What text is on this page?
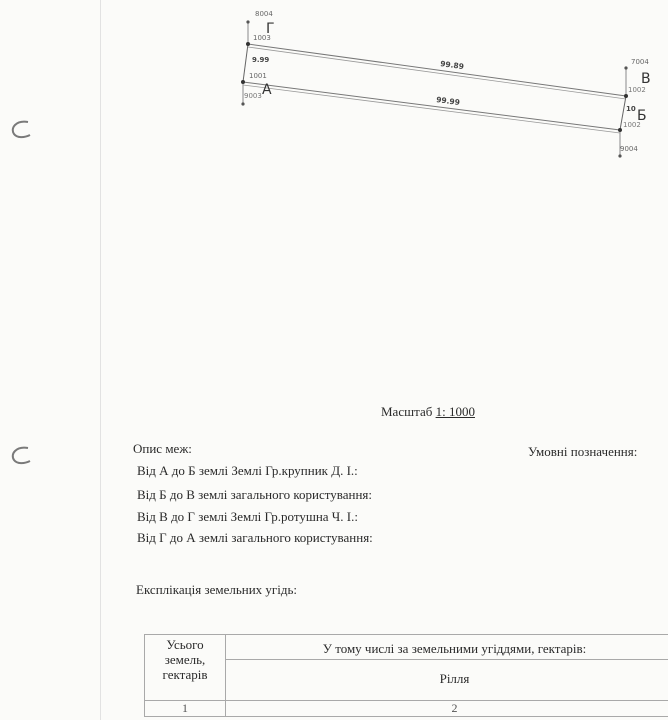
8004
1003
1001
9003
7004
1002
1002
9004
Г
А
В
Б
9.99	99.89
99.99
10
Масштаб 1: 1000
Опис меж:	Умовні позначення:
Від А до Б землі Землі Гр.крупник Д. І.:
Від Б до В землі загального користування:
Від В до Г землі Землі Гр.ротушна Ч. І.:
Від Г до А землі загального користування:
Експлікація земельних угідь:
Усього земель, гектарів	У тому числі за земельними угіддями, гектарів:
	Рілля
1	2
